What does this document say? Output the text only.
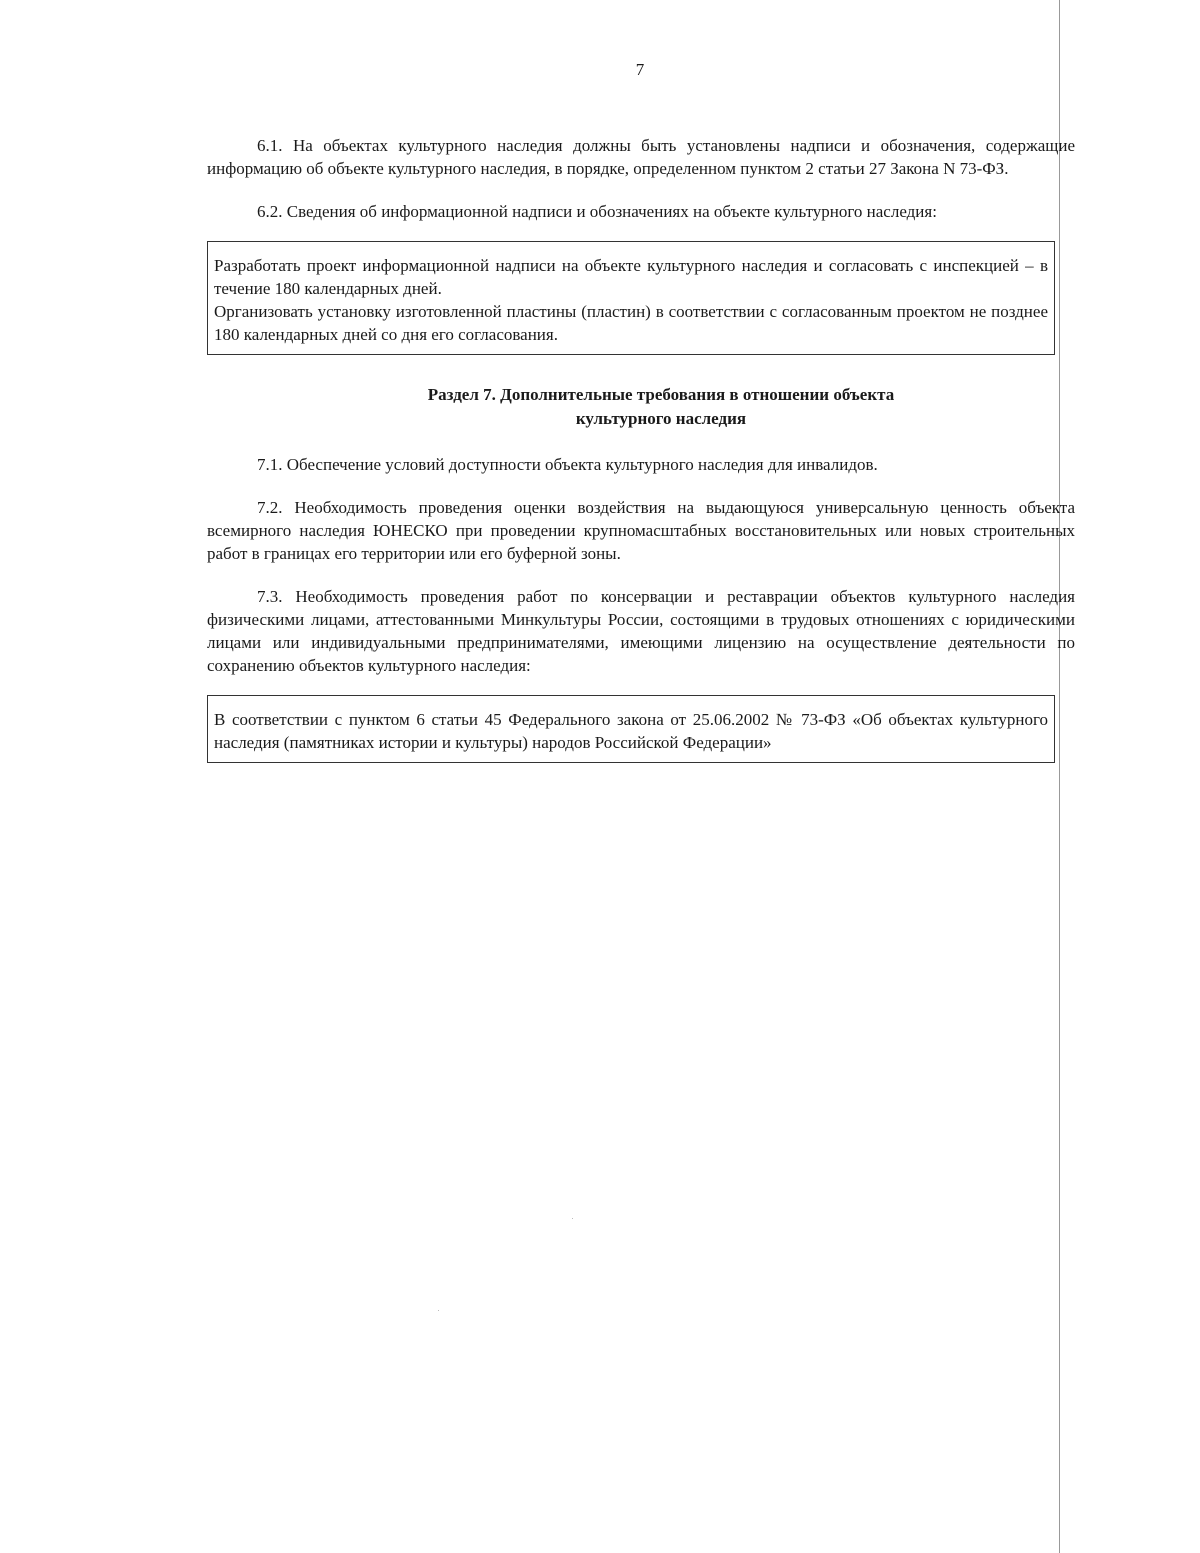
7

6.1. На объектах культурного наследия должны быть установлены надписи и обозначения, содержащие информацию об объекте культурного наследия, в порядке, определенном пунктом 2 статьи 27 Закона N 73-ФЗ.

6.2. Сведения об информационной надписи и обозначениях на объекте культурного наследия:

Разработать проект информационной надписи на объекте культурного наследия и согласовать с инспекцией – в течение 180 календарных дней.

Организовать установку изготовленной пластины (пластин) в соответствии с согласованным проектом не позднее 180 календарных дней со дня его согласования.

Раздел 7. Дополнительные требования в отношении объекта
культурного наследия

7.1. Обеспечение условий доступности объекта культурного наследия для инвалидов.

7.2. Необходимость проведения оценки воздействия на выдающуюся универсальную ценность объекта всемирного наследия ЮНЕСКО при проведении крупномасштабных восстановительных или новых строительных работ в границах его территории или его буферной зоны.

7.3. Необходимость проведения работ по консервации и реставрации объектов культурного наследия физическими лицами, аттестованными Минкультуры России, состоящими в трудовых отношениях с юридическими лицами или индивидуальными предпринимателями, имеющими лицензию на осуществление деятельности по сохранению объектов культурного наследия:

В соответствии с пунктом 6 статьи 45 Федерального закона от 25.06.2002 № 73-ФЗ «Об объектах культурного наследия (памятниках истории и культуры) народов Российской Федерации»
